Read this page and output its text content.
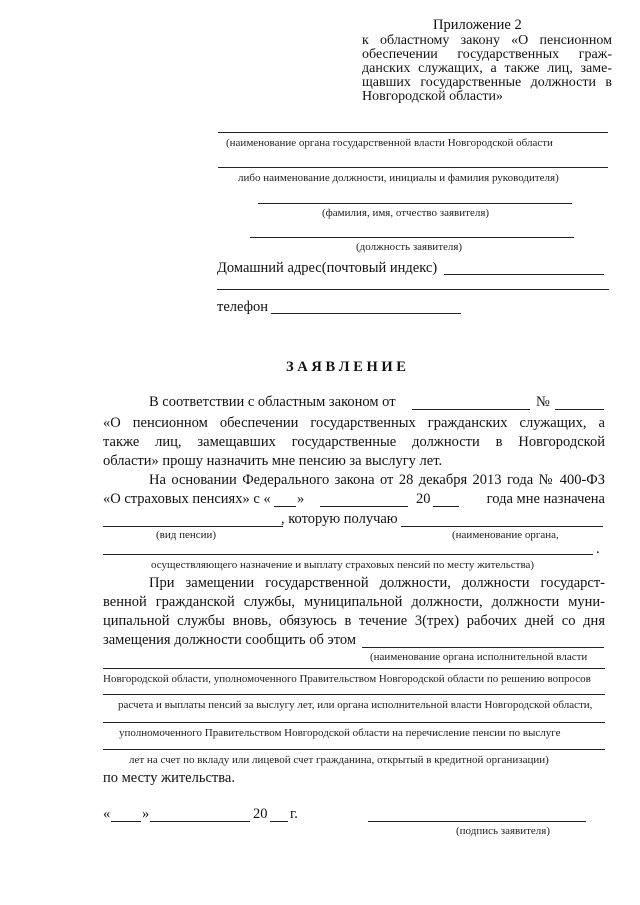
Приложение 2
к областному закону «О пенсионном
обеспечении государственных граж-
данских служащих, а также лиц, заме-
щавших государственные должности в
Новгородской области»
(наименование органа государственной власти Новгородской области
либо наименование должности, инициалы и фамилия руководителя)
(фамилия, имя, отчество заявителя)
(должность заявителя)
Домашний адрес(почтовый индекс)
телефон
З А Я В Л Е Н И Е
В соответствии с областным законом от	№
«О пенсионном обеспечении государственных гражданских служащих, а
также лиц, замещавших государственные должности в Новгородской
области» прошу назначить мне пенсию за выслугу лет.
На основании Федерального закона от 28 декабря 2013 года № 400-ФЗ
«О страховых пенсиях» с « »	20	года мне назначена
, которую получаю
(вид пенсии)	(наименование органа,
.
осуществляющего назначение и выплату страховых пенсий по месту жительства)
При замещении государственной должности, должности государст-
венной гражданской службы, муниципальной должности, должности муни-
ципальной службы вновь, обязуюсь в течение 3(трех) рабочих дней со дня
замещения должности сообщить об этом
(наименование органа исполнительной власти
Новгородской области, уполномоченного Правительством Новгородской области по решению вопросов
расчета и выплаты пенсий за выслугу лет, или органа исполнительной власти Новгородской области,
уполномоченного Правительством Новгородской области на перечисление пенсии по выслуге
лет на счет по вкладу или лицевой счет гражданина, открытый в кредитной организации)
по месту жительства.
« »	20 г.
(подпись заявителя)
